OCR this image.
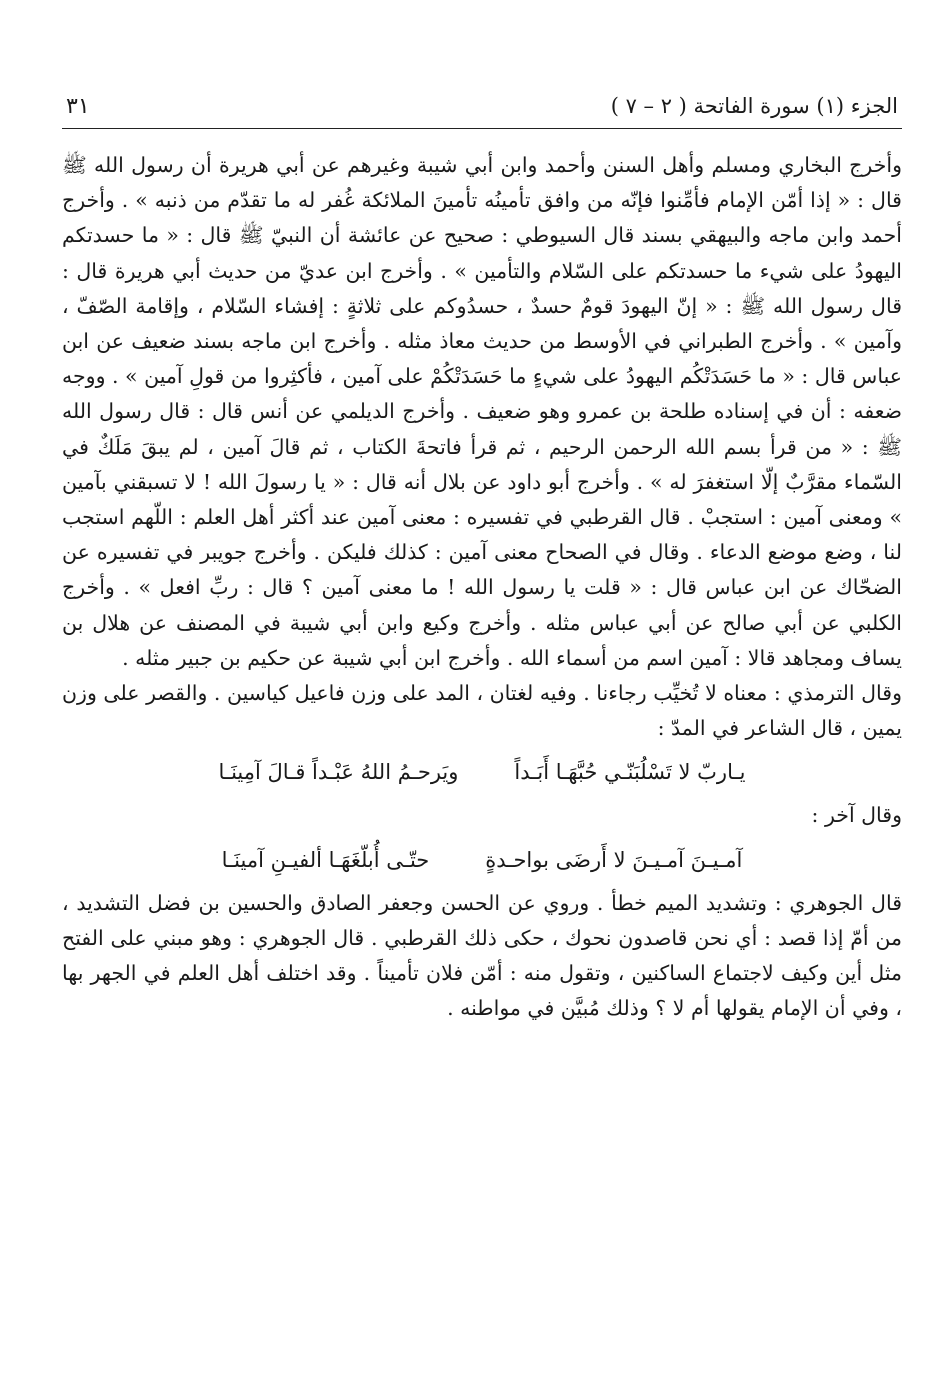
الجزء (١) سورة الفاتحة ( ٢ – ٧ )
٣١

وأخرج البخاري ومسلم وأهل السنن وأحمد وابن أبي شيبة وغيرهم عن أبي هريرة أن رسول الله ﷺ قال : « إذا أمّن الإمام فأمِّنوا فإنّه من وافق تأمينُه تأمينَ الملائكة غُفر له ما تقدّم من ذنبه » . وأخرج أحمد وابن ماجه والبيهقي بسند قال السيوطي : صحيح عن عائشة أن النبيّ ﷺ قال : « ما حسدتكم اليهودُ على شيء ما حسدتكم على السّلام والتأمين » . وأخرج ابن عديّ من حديث أبي هريرة قال : قال رسول الله ﷺ : « إنّ اليهودَ قومٌ حسدٌ ، حسدُوكم على ثلاثةٍ : إفشاء السّلام ، وإقامة الصّفّ ، وآمين » . وأخرج الطبراني في الأوسط من حديث معاذ مثله . وأخرج ابن ماجه بسند ضعيف عن ابن عباس قال : « ما حَسَدَتْكُم اليهودُ على شيءٍ ما حَسَدَتْكُمْ على آمين ، فأكثِروا من قولِ آمين » . ووجه ضعفه : أن في إسناده طلحة بن عمرو وهو ضعيف . وأخرج الديلمي عن أنس قال : قال رسول الله ﷺ : « من قرأ بسم الله الرحمن الرحيم ، ثم قرأ فاتحةَ الكتاب ، ثم قالَ آمين ، لم يبقَ مَلَكٌ في السّماء مقرَّبٌ إلّا استغفرَ له » . وأخرج أبو داود عن بلال أنه قال : « يا رسولَ الله ! لا تسبقني بآمين » ومعنى آمين : استجبْ . قال القرطبي في تفسيره : معنى آمين عند أكثر أهل العلم : اللّهم استجب لنا ، وضع موضع الدعاء . وقال في الصحاح معنى آمين : كذلك فليكن . وأخرج جويبر في تفسيره عن الضحّاك عن ابن عباس قال : « قلت يا رسول الله ! ما معنى آمين ؟ قال : ربِّ افعل » . وأخرج الكلبي عن أبي صالح عن أبي عباس مثله . وأخرج وكيع وابن أبي شيبة في المصنف عن هلال بن يساف ومجاهد قالا : آمين اسم من أسماء الله . وأخرج ابن أبي شيبة عن حكيم بن جبير مثله .

وقال الترمذي : معناه لا تُخيِّب رجاءنا . وفيه لغتان ، المد على وزن فاعيل كياسين . والقصر على وزن يمين ، قال الشاعر في المدّ :

يـاربّ لا تَسْلُبَنّـي حُبَّهَـا أَبَـداً
ويَرحـمُ اللهُ عَبْـداً قـالَ آمِينَـا

وقال آخر :

آمـيـنَ آمـيـنَ لا أَرضَى بواحـدةٍ
حتّـى أُبلّغَهَـا ألفيـنِ آمينَـا

قال الجوهري : وتشديد الميم خطأ . وروي عن الحسن وجعفر الصادق والحسين بن فضل التشديد ، من أمّ إذا قصد : أي نحن قاصدون نحوك ، حكى ذلك القرطبي . قال الجوهري : وهو مبني على الفتح مثل أين وكيف لاجتماع الساكنين ، وتقول منه : أمّن فلان تأميناً . وقد اختلف أهل العلم في الجهر بها ، وفي أن الإمام يقولها أم لا ؟ وذلك مُبيَّن في مواطنه .
